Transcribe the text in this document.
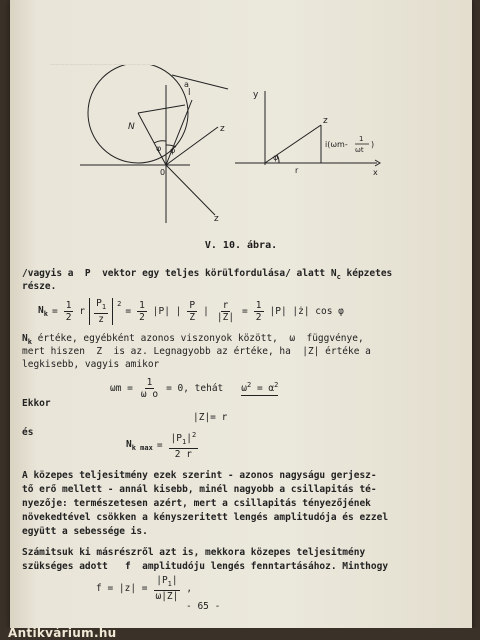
~~~~~~~~~~~~~~~~~~~~~
N	z
z
l
a
φ φ
0
y
z
φ
r	x
i(ωm-
1
ωt
)
V. 10. ábra.
/vagyis a  P  vektor egy teljes körülfordulása/ alatt $N_c$ képzetes
része.
$N_k = \frac{1}{2}$ r $\frac{P_1}{z} ^2$
= $\frac{1}{2} |P|$ | $\frac{P}{Z}$ | $\frac{r}{|Z|} = \frac{1}{2} |P|$ |ż| cos φ
$N_k$ értéke, egyébként azonos viszonyok között,  ω  függvénye,
mert hiszen  Z  is az. Legnagyobb az értéke, ha  |Z| értéke a
legkisebb, vagyis amikor
$\omega m = \frac{1}{\text{ω o}} = 0$, tehát $\omega^2 = \alpha^2$
Ekkor
|Z|= r
és
$N_{k max} = \frac{|P_1|^2}{2 r}$
A közepes teljesitmény ezek szerint - azonos nagyságu gerjesz-
tő erő mellett - annál kisebb, minél nagyobb a csillapitás té-
nyezője: természetesen azért, mert a csillapitás tényezőjének
növekedtével csökken a kényszeritett lengés amplitudója és ezzel
együtt a sebessége is.
Számitsuk ki másrészről azt is, mekkora közepes teljesitmény
szükséges adott   f  amplitudóju lengés fenntartásához. Minthogy
$f = |z| = \frac{|P_1|}{\omega|Z|}$ ,
- 65 -
Antikvárium.hu
